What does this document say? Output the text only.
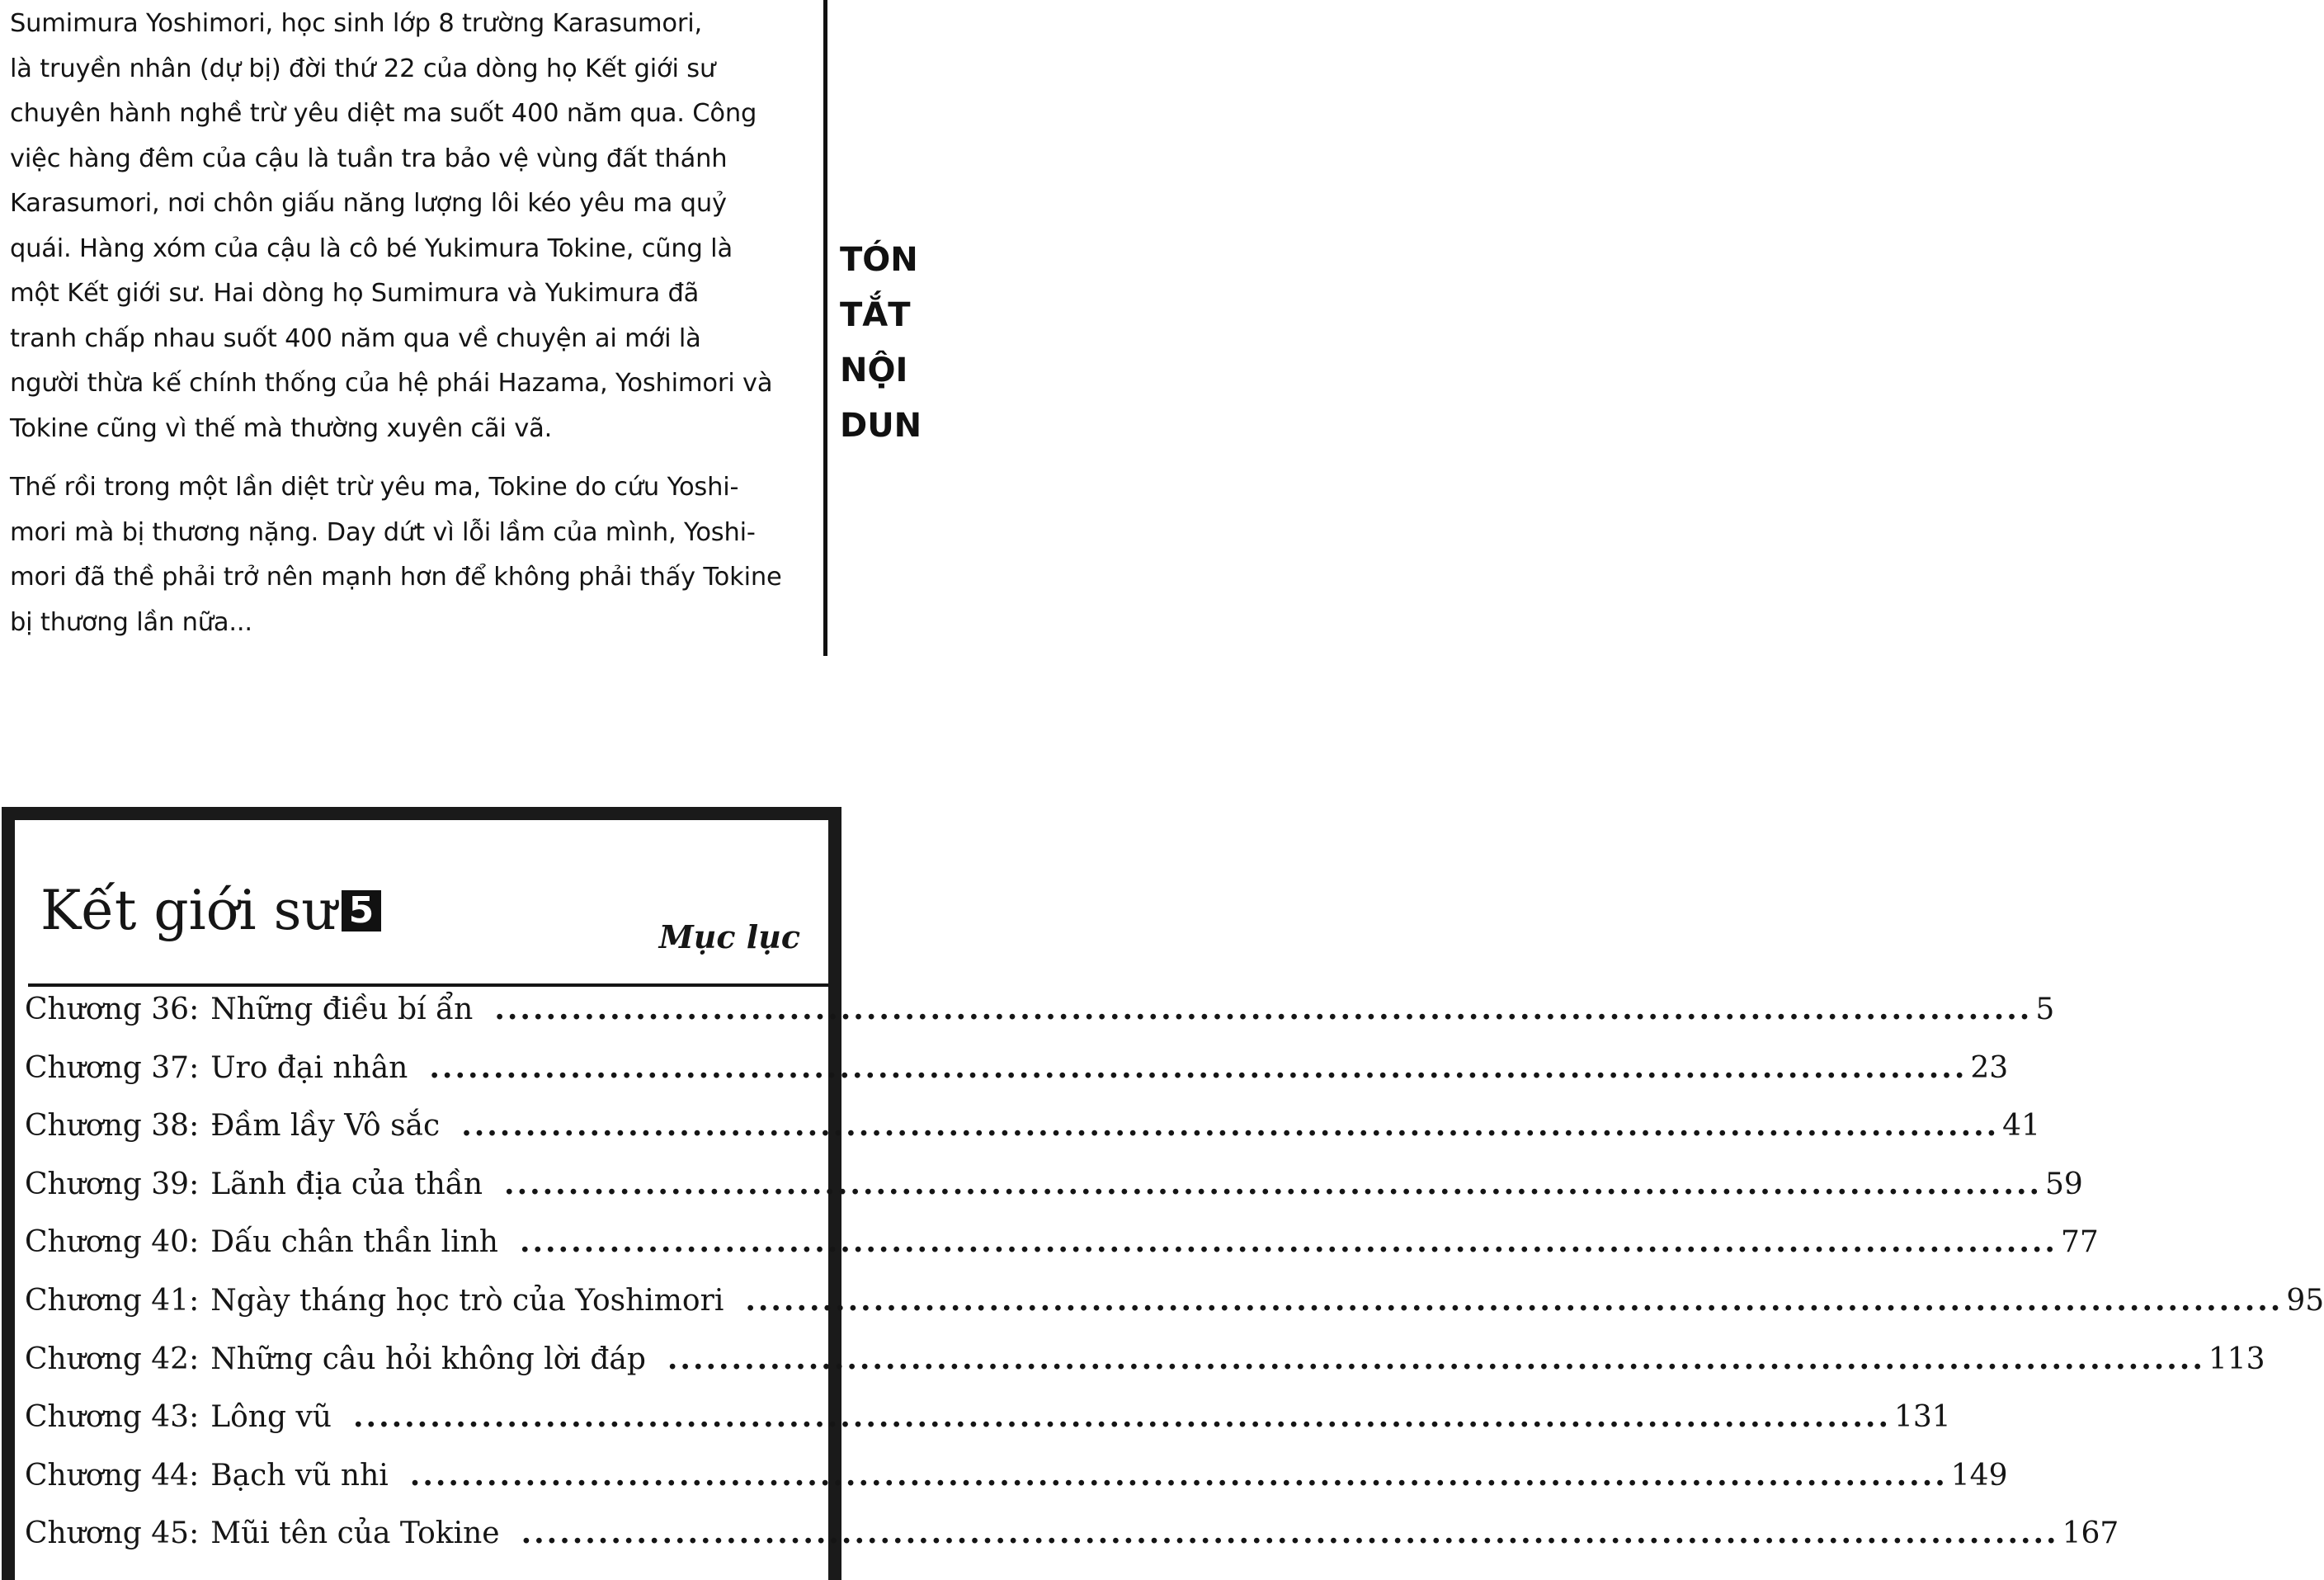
Sumimura Yoshimori, học sinh lớp 8 trường Karasumori,
là truyền nhân (dự bị) đời thứ 22 của dòng họ Kết giới sư
chuyên hành nghề trừ yêu diệt ma suốt 400 năm qua. Công
việc hàng đêm của cậu là tuần tra bảo vệ vùng đất thánh
Karasumori, nơi chôn giấu năng lượng lôi kéo yêu ma quỷ
quái. Hàng xóm của cậu là cô bé Yukimura Tokine, cũng là
một Kết giới sư. Hai dòng họ Sumimura và Yukimura đã
tranh chấp nhau suốt 400 năm qua về chuyện ai mới là
người thừa kế chính thống của hệ phái Hazama, Yoshimori và
Tokine cũng vì thế mà thường xuyên cãi vã.

Thế rồi trong một lần diệt trừ yêu ma, Tokine do cứu Yoshi-
mori mà bị thương nặng. Day dứt vì lỗi lầm của mình, Yoshi-
mori đã thề phải trở nên mạnh hơn để không phải thấy Tokine
bị thương lần nữa...

TÓN
TẮT
NỘI
DUN
Kết giới sư 5
Mục lục
Chương 36 : Những điều bí ẩn .....	5
Chương 37 : Uro đại nhân .....	23
Chương 38 : Đầm lầy Vô sắc .....	41
Chương 39 : Lãnh địa của thần .....	59
Chương 40 : Dấu chân thần linh .....	77
Chương 41 : Ngày tháng học trò của Yoshimori .....	95
Chương 42 : Những câu hỏi không lời đáp .....	113
Chương 43 : Lông vũ .....	131
Chương 44 : Bạch vũ nhi .....	149
Chương 45 : Mũi tên của Tokine .....	167
